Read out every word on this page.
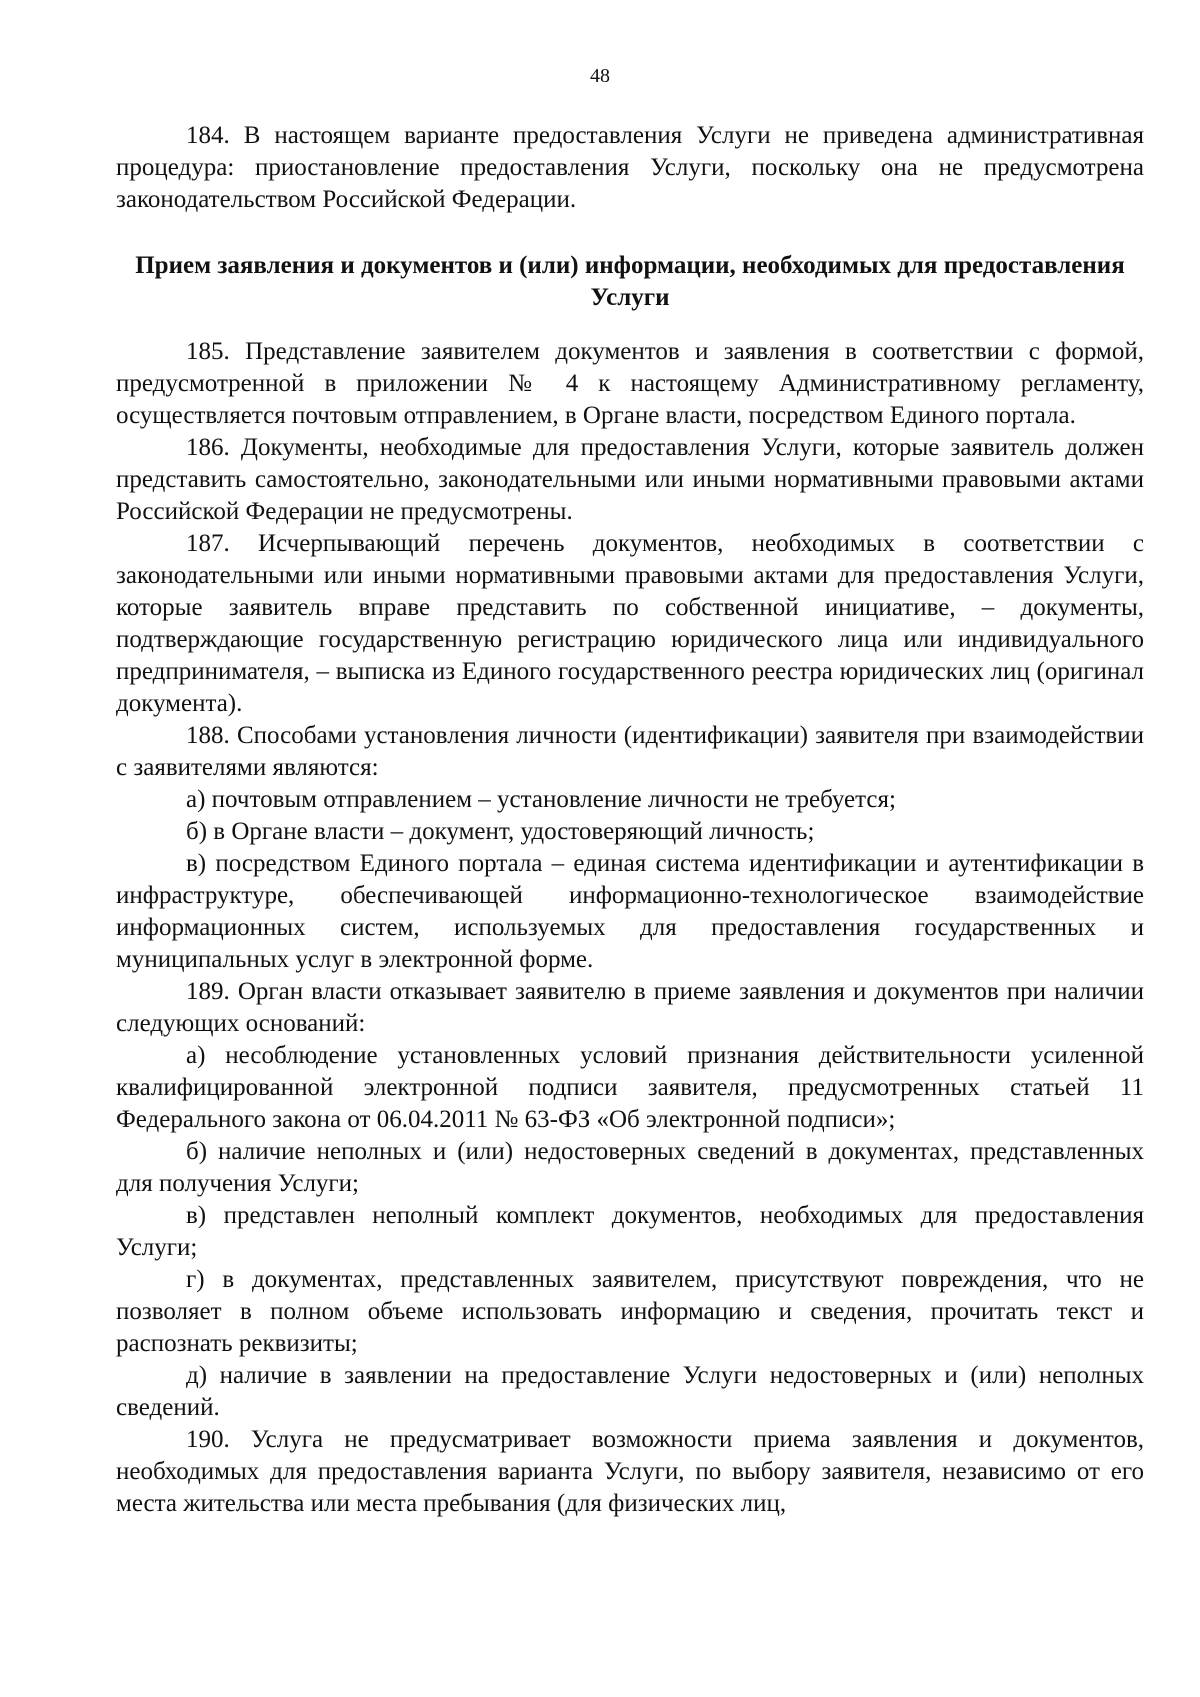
48

184. В настоящем варианте предоставления Услуги не приведена административная процедура: приостановление предоставления Услуги, поскольку она не предусмотрена законодательством Российской Федерации.

Прием заявления и документов и (или) информации, необходимых для предоставления Услуги

185. Представление заявителем документов и заявления в соответствии с формой, предусмотренной в приложении № 4 к настоящему Административному регламенту, осуществляется почтовым отправлением, в Органе власти, посредством Единого портала.

186. Документы, необходимые для предоставления Услуги, которые заявитель должен представить самостоятельно, законодательными или иными нормативными правовыми актами Российской Федерации не предусмотрены.

187. Исчерпывающий перечень документов, необходимых в соответствии с законодательными или иными нормативными правовыми актами для предоставления Услуги, которые заявитель вправе представить по собственной инициативе, – документы, подтверждающие государственную регистрацию юридического лица или индивидуального предпринимателя, – выписка из Единого государственного реестра юридических лиц (оригинал документа).

188. Способами установления личности (идентификации) заявителя при взаимодействии с заявителями являются:

а) почтовым отправлением – установление личности не требуется;

б) в Органе власти – документ, удостоверяющий личность;

в) посредством Единого портала – единая система идентификации и аутентификации в инфраструктуре, обеспечивающей информационно-технологическое взаимодействие информационных систем, используемых для предоставления государственных и муниципальных услуг в электронной форме.

189. Орган власти отказывает заявителю в приеме заявления и документов при наличии следующих оснований:

а) несоблюдение установленных условий признания действительности усиленной квалифицированной электронной подписи заявителя, предусмотренных статьей 11 Федерального закона от 06.04.2011 № 63-ФЗ «Об электронной подписи»;

б) наличие неполных и (или) недостоверных сведений в документах, представленных для получения Услуги;

в) представлен неполный комплект документов, необходимых для предоставления Услуги;

г) в документах, представленных заявителем, присутствуют повреждения, что не позволяет в полном объеме использовать информацию и сведения, прочитать текст и распознать реквизиты;

д) наличие в заявлении на предоставление Услуги недостоверных и (или) неполных сведений.

190. Услуга не предусматривает возможности приема заявления и документов, необходимых для предоставления варианта Услуги, по выбору заявителя, независимо от его места жительства или места пребывания (для физических лиц,
